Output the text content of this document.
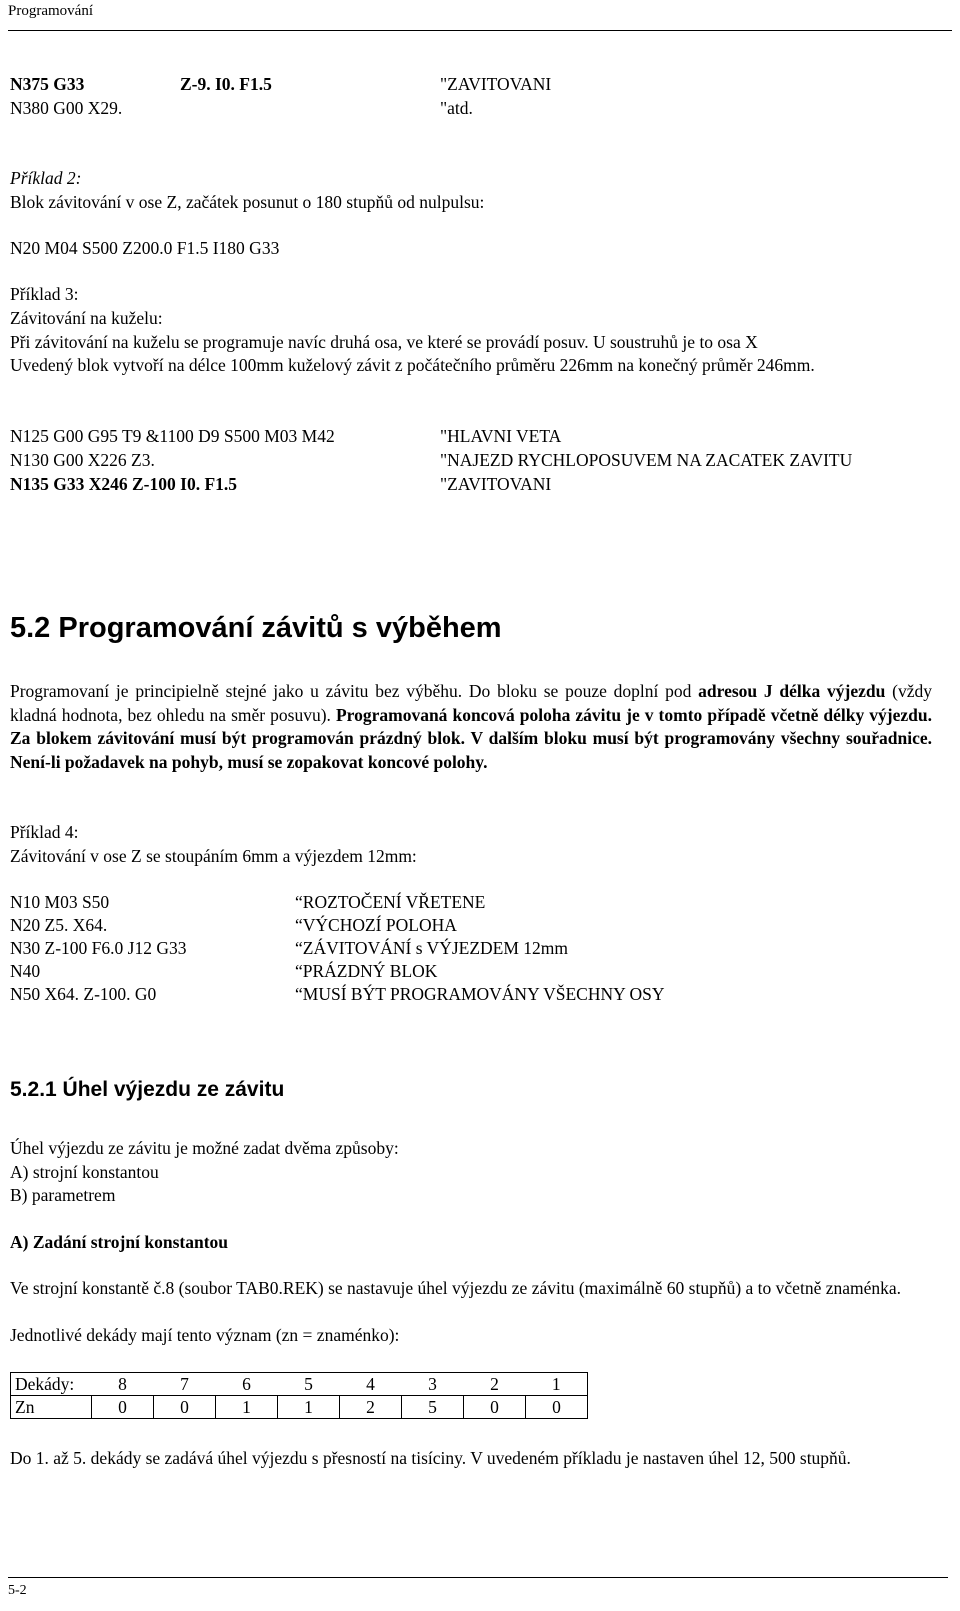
Programování
N375 G33	Z-9. I0. F1.5	"ZAVITOVANI
N380 G00 X29.	"atd.
Příklad 2:
Blok závitování v ose Z, začátek posunut o 180 stupňů od nulpulsu:
N20 M04 S500 Z200.0 F1.5 I180 G33
Příklad 3:
Závitování na kuželu:
Při závitování na kuželu se programuje navíc druhá osa, ve které se provádí posuv. U soustruhů je to osa X
Uvedený blok vytvoří na délce 100mm kuželový závit z počátečního průměru 226mm na konečný průměr 246mm.
N125 G00 G95 T9 &1100 D9 S500 M03 M42	"HLAVNI VETA
N130 G00 X226 Z3.	"NAJEZD RYCHLOPOSUVEM NA ZACATEK ZAVITU
N135 G33 X246 Z-100 I0. F1.5	"ZAVITOVANI
5.2 Programování závitů s výběhem
Programovaní je principielně stejné jako u závitu bez výběhu. Do bloku se pouze doplní pod adresou J délka výjezdu (vždy kladná hodnota, bez ohledu na směr posuvu). Programovaná koncová poloha závitu je v tomto případě včetně délky výjezdu. Za blokem závitování musí být programován prázdný blok. V dalším bloku musí být programovány všechny souřadnice. Není-li požadavek na pohyb, musí se zopakovat koncové polohy.
Příklad 4:
Závitování v ose Z se stoupáním 6mm a výjezdem 12mm:
N10 M03 S50	“ROZTOČENÍ VŘETENE
N20 Z5. X64.	“VÝCHOZÍ POLOHA
N30 Z-100 F6.0 J12 G33	“ZÁVITOVÁNÍ s VÝJEZDEM 12mm
N40	“PRÁZDNÝ BLOK
N50 X64. Z-100. G0	“MUSÍ BÝT PROGRAMOVÁNY VŠECHNY OSY
5.2.1 Úhel výjezdu ze závitu
Úhel výjezdu ze závitu je možné zadat dvěma způsoby:
A) strojní konstantou
B) parametrem
A) Zadání strojní konstantou
Ve strojní konstantě č.8 (soubor TAB0.REK) se nastavuje úhel výjezdu ze závitu (maximálně 60 stupňů) a to včetně znaménka.
Jednotlivé dekády mají tento význam (zn = znaménko):
Dekády:	8	7	6	5	4	3	2	1
Zn	0	0	1	1	2	5	0	0
Do 1. až 5. dekády se zadává úhel výjezdu s přesností na tisíciny. V uvedeném příkladu je nastaven úhel 12, 500 stupňů.
5-2
